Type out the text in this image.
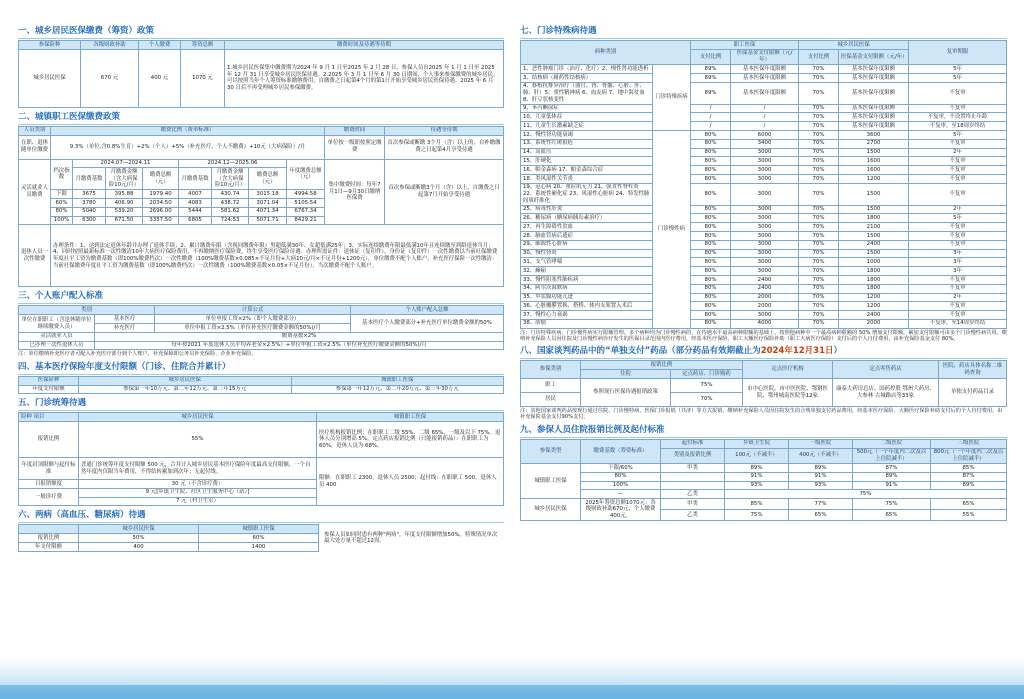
一、城乡居民医保缴费（筹资）政策
参保险种	各级财政补助	个人缴费	筹资总额	缴费时间及待遇等待期
城乡居民医保	670 元	400 元	1070 元	1.城乡居民医保集中缴费期为2024 年 9 月 1 日至2025 年 2 月 28 日，参保人员自2025 年 1 月 1 日至 2025 年 12 月 31 日享受城乡居民医保待遇。2.2025 年 3 月 1 日至 6 月 30 日期间，个人事来参保缴费的城乡居民，可以按照当年个人筹资标准缴纳费用，自缴费之日起第4个月的第1日开始享受城乡居民医保待遇。2025 年 6 月 30 日后不再受理城乡居民参保缴费。
二、城镇职工医保缴费政策
人员类别	缴费比例（费率标准）								缴费时间	待遇等待期
在职、退休随单位缴费	9.3%（单位,含0.8%生育）+2%（个人）+5%（补充医疗，个人不缴费）+10元（大病保险）/月								单位按一级职按照定缴费	首次参保或断缴 3个月（含）以上的，自补缴缴费之日起第4月享受待遇
灵活就业人员缴费	档次指数	2024.07—2024.11			2024.12—2025.06			年度缴费总额（元）	集中缴费时间：每年7月1日—9月30日缴纳医保费	首次参保或断缴3个月（含）以上，自缴费之日起第7月开始享受待遇
		月缴费基数	月缴费金额（含大病保险10元/月）	缴费总额（元）	月缴费基数	月缴费金额（含大病保险10元/月）	缴费总额（元）			
	下限	3675	395.88	1979.40	4007	430.74	3015.18	4994.58		
	60%	3780	406.90	2034.50	4083	438.72	3071.04	5105.54		
	80%	5040	539.20	2696.00	5444	581.62	4071.34	6767.34		
	100%	6300	671.50	3357.50	6805	724.53	5071.71	8429.21		
退休人员一次性缴费	办理条件：1、达到法定退休年龄并办理了退休手续；2、累计缴费年限（含视同缴费年限）男超低满30年、女超低满25年；3、实际连续缴费年限最低满10年且连续缴至到龄退休当月；4、同时按照最新标准一次性缴清10年大病医疗保险费用，不再缴纳医疗保险费，终生享受医疗保险待遇。办理所需证件：退休证（复印件）、身份证（复印件）一次性缴费以当前社保缴费年度社平工资为缴费基数（即100%缴费档次）一次性缴费（100%缴费基数×0.085×不足月份+大病10元/月×不足月份+1200元），单位缴费不配个人账户。补充医疗保险一次性缴清：当前社保缴费年度社平工资为缴费基数（即100%缴费档次）一次性缴费（100%缴费基数×0.05×不足月份），当次缴费不配个人账户。									
三、个人账户配入标准
类别		计算公式	个人账户配入总额
单位在职职工（含退休随单位继续缴费人员）	基本医疗	单位申报工资×2%（即个人缴费部分）	基本医疗个人缴费部分+补充医疗单位缴费金额的50%
	补充医疗	单位申报工资×2.5%（单位补充医疗缴费金额的50%)/月	
灵活就业人员	缴费基数×2%		
已办理一次性退休人员	每年按2021 年度退休人员平均养老金×2.5%）+单位申报工资×2.5%（单位补充医疗缴费金额的50%)/月		
注：单位缴纳补充医疗者可配入补充医疗部分到个人账户，补充保障即公务员补充保险、企业补充保险。
四、基本医疗保险年度支付限额（门诊、住院合并累计）
医保险种	城乡居民医保	城镇职工医保
年度支付限额	参保第一年10万元、第二年12万元、第三年15万元	参保第一年12万元、第二年20万元、第三年30万元
五、门诊统筹待遇
险种 项目	城乡居民医保	城镇职工医保
报销比例	55%	医疗机构报销比例：在职职工二级 55%、二级 65%、一级及以下 75%。退休人员分别增高 5%。定点药店报销比例（只能报销药品）：在职职工为 60%，退休人员为 68%。
年度封顶限额与起付标准	普通门诊统筹年度支付限额 500 元，合并计入城乡居民基本医疗保险年度最高支付限额，一个自然年度内仅限当年费用，不得结转累加到次年；无起付线。	限额：在职职工 2300，退休人员 2500；起付线：在职职工 500，退休人员 400
日报销额度	30 元（不含诊疗费）	
一般诊疗费	9 元[乡镇卫生院、社区卫生服务中心（站）]	
	7 元（村卫生室）	
六、两病（高血压、糖尿病）待遇
	城乡居民医保	城镇职工医保	参保人员如同时患有两种"两病"，年度支付限额增加50%。特殊情况单次最大处方量不超过12周。
报销比例	50%	60%	
年支付限额	400	1400	
七、门诊特殊病待遇
病种类别		职工医保		城乡居民医保		复审期限
		支付比例	医保基金支付限额（元/年）	支付比例	医保基金支付限额（元/年）	
1、恶性肿瘤门诊（治疗、化疗）2、慢性肾功能透析	门诊特殊疾病	89%	基本医保年度限额	70%	基本医保年度限额	5年
3、结核病（耐药性结核病）		89%	基本医保年度限额	70%	基本医保年度限额	5年
4、移植抗排异治疗（器官、肾、骨髓、心脏、肝、肺、肝）5、重性精神病 6、血友病 7、地中海贫血 8、肝豆状核变性		89%	基本医保年度限额	70%	基本医保年度限额	不复审
9、苯丙酮尿症		/	/	70%	基本医保年度限额	不复审
10、儿童低体症		/	/	70%	基本医保年度限额	不复审，不设置终止年龄
11、儿童生长激素缺乏症		/	/	70%	基本医保年度限额	不复审，至18周岁终结
12、慢性肾功能衰竭	门诊慢性病	80%	6000	70%	3600	5年
13、系统性红斑狼疮		80%	3400	70%	2700	不复审
14、高血压		80%	3000	70%	1500	2年
15、肝硬化		80%	3000	70%	1600	不复审
16、帕金森病 17、帕金森综合症		80%	3000	70%	1600	不复审
18、类风湿性关节炎		80%	3000	70%	1200	不复审
19、冠心病 20、重症肌无力 21、强直性脊柱炎 22、系统性硬化症 23、风湿性心脏病 24、特发性肺间质纤维化		80%	3000	70%	1500	不复审
25、病毒性肝炎		80%	3000	70%	1500	2年
26、糖尿病（糖尿病胰岛素治疗）		80%	3000	70%	1800	5年
27、再生障碍性贫血		80%	3000	70%	2100	不复审
28、脑血管病后遗症		80%	3000	70%	1500	不复审
29、肺源性心脏病		80%	3000	70%	2400	不复审
30、慢性肾炎		80%	3000	70%	1500	3年
31、支气管哮喘		80%	3000	70%	1000	3年
32、癫痫		80%	3000	70%	1800	3年
33、慢性阻塞性肺疾病		80%	2400	70%	1800	不复审
34、阿尔茨海默病		80%	2400	70%	1800	不复审
35、甲状腺功能亢进		80%	2000	70%	1200	2年
36、心脏瓣膜置换、搭桥、体内支架置入术后		80%	2000	70%	1200	不复审
37、慢性心力衰竭		80%	3000	70%	2400	不复审
38、肪瘤		80%	4000	70%	2000	不复审，至14周岁终结
注：门诊特殊疾病、门诊慢性病实行限额管理。多个病种均为门诊慢性病的，在待遇水平最高病种限额的基础上，按照他病种中一个最高病种限额的 50% 增加支付限额，累加支付限额可由多个门诊慢性病共用。缴纳补充保险人员因住院及门诊慢性病诊疗发生的医保目录范围内医疗费用，经基本医疗保险、职工大额医疗保险补助（职工大病医疗保险）支付后的个人自付费用，由补充保险基金支付 80%。
八、国家谈判药品中的“单独支付”药品（部分药品有效期截止为2024年12月31日）
参保类别	报销比例		定点医疗机构	定点零售药店	医院、药店具体名称二维码查询
	住院	定点药店、门诊购药			
职工	参照现行医保待遇报销政策	75%	市中心医院、市中医医院、鄂钢医院、鄂州城南医院等12家	康泰大药房总店、国药控股 鄂州大药房、大参林 古城路店等33家	单独支付药品目录
居民		70%			
注：其他国家谈判药品按现行通过住院、门诊慢特病、医保门诊报销（共济）等方式报销。缴纳补充保险人员因住院发生的合规单独支付药品费用，经基本医疗保险、大额医疗保险补助支付后的个人自付费用，由补充保险基金支付90%支付。
九、参保人员住院报销比例及起付标准
参保类型	缴费基数（筹资标准）	起付标准	乡镇卫生院	一级医院	二级医院	三级医院
		类别及报销比例	100元（不减半）	400元（不减半）	500元（一个年度内二次及以上住院减半）	800元（一个年度内二次及以上住院减半）
城镇职工医保	下限/60%	甲类	89%	89%	87%	85%
	80%		91%	91%	89%	87%
	100%		93%	93%	91%	89%
	—	乙类	75%			
城乡居民医保	2025年筹资总额1070元：各级财政补助670元；个人缴费400元。	甲类	85%	77%	75%	65%
		乙类	75%	65%	65%	55%
